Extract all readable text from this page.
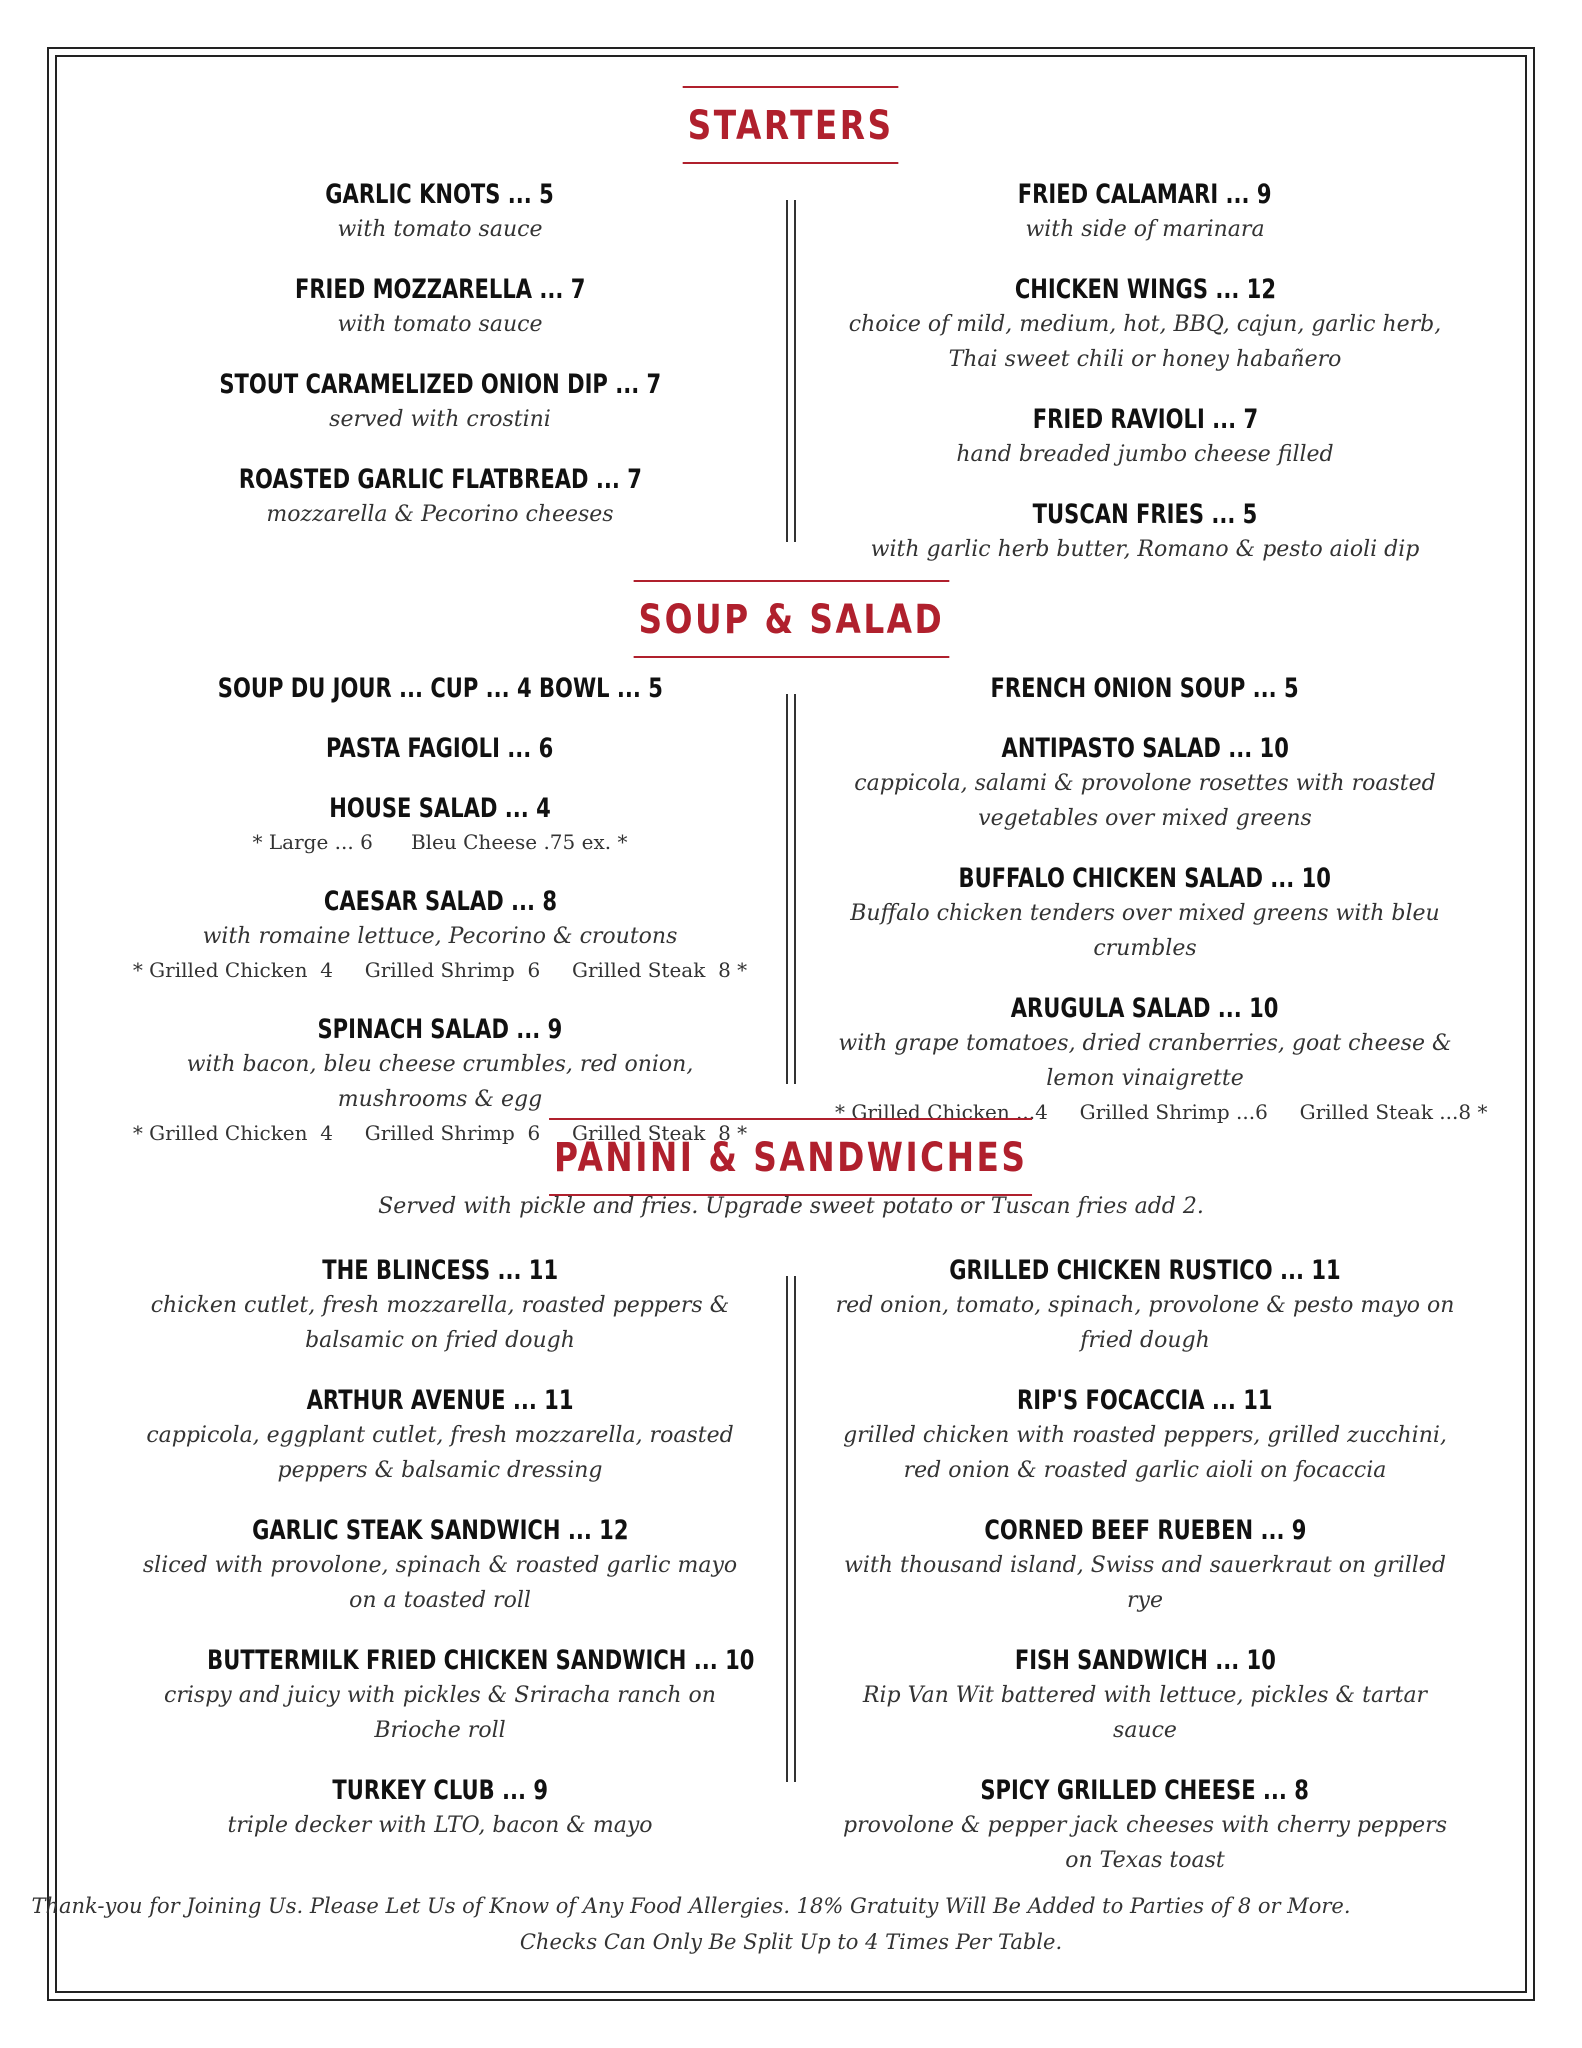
STARTERS
GARLIC KNOTS ... 5
with tomato sauce
FRIED MOZZARELLA ... 7
with tomato sauce
STOUT CARAMELIZED ONION DIP ... 7
served with crostini
ROASTED GARLIC FLATBREAD ... 7
mozzarella & Pecorino cheeses
FRIED CALAMARI ... 9
with side of marinara
CHICKEN WINGS ... 12
choice of mild, medium, hot, BBQ, cajun, garlic herb, Thai sweet chili or honey habañero
FRIED RAVIOLI ... 7
hand breaded jumbo cheese filled
TUSCAN FRIES ... 5
with garlic herb butter, Romano & pesto aioli dip
SOUP & SALAD
SOUP DU JOUR ... CUP ... 4 BOWL ... 5
PASTA FAGIOLI ... 6
HOUSE SALAD ... 4
* Large ... 6      Bleu Cheese .75 ex. *
CAESAR SALAD ... 8
with romaine lettuce, Pecorino & croutons
* Grilled Chicken  4     Grilled Shrimp  6     Grilled Steak  8 *
SPINACH SALAD ... 9
with bacon, bleu cheese crumbles, red onion, mushrooms & egg
* Grilled Chicken  4     Grilled Shrimp  6     Grilled Steak  8 *
FRENCH ONION SOUP ... 5
ANTIPASTO SALAD ... 10
cappicola, salami & provolone rosettes with roasted vegetables over mixed greens
BUFFALO CHICKEN SALAD ... 10
Buffalo chicken tenders over mixed greens with bleu crumbles
ARUGULA SALAD ... 10
with grape tomatoes, dried cranberries, goat cheese & lemon vinaigrette
* Grilled Chicken ...4     Grilled Shrimp ...6     Grilled Steak ...8 *
PANINI & SANDWICHES
Served with pickle and fries. Upgrade sweet potato or Tuscan fries add 2.
THE BLINCESS ... 11
chicken cutlet, fresh mozzarella, roasted peppers & balsamic on fried dough
ARTHUR AVENUE ... 11
cappicola, eggplant cutlet, fresh mozzarella, roasted peppers & balsamic dressing
GARLIC STEAK SANDWICH ... 12
sliced with provolone, spinach & roasted garlic mayo on a toasted roll
BUTTERMILK FRIED CHICKEN SANDWICH ... 10
crispy and juicy with pickles & Sriracha ranch on Brioche roll
TURKEY CLUB ... 9
triple decker with LTO, bacon & mayo
GRILLED CHICKEN RUSTICO ... 11
red onion, tomato, spinach, provolone & pesto mayo on fried dough
RIP'S FOCACCIA ... 11
grilled chicken with roasted peppers, grilled zucchini, red onion & roasted garlic aioli on focaccia
CORNED BEEF RUEBEN ... 9
with thousand island, Swiss and sauerkraut on grilled rye
FISH SANDWICH ... 10
Rip Van Wit battered with lettuce, pickles & tartar sauce
SPICY GRILLED CHEESE ... 8
provolone & pepper jack cheeses with cherry peppers on Texas toast
Thank-you for Joining Us. Please Let Us of Know of Any Food Allergies. 18% Gratuity Will Be Added to Parties of 8 or More.
Checks Can Only Be Split Up to 4 Times Per Table.
